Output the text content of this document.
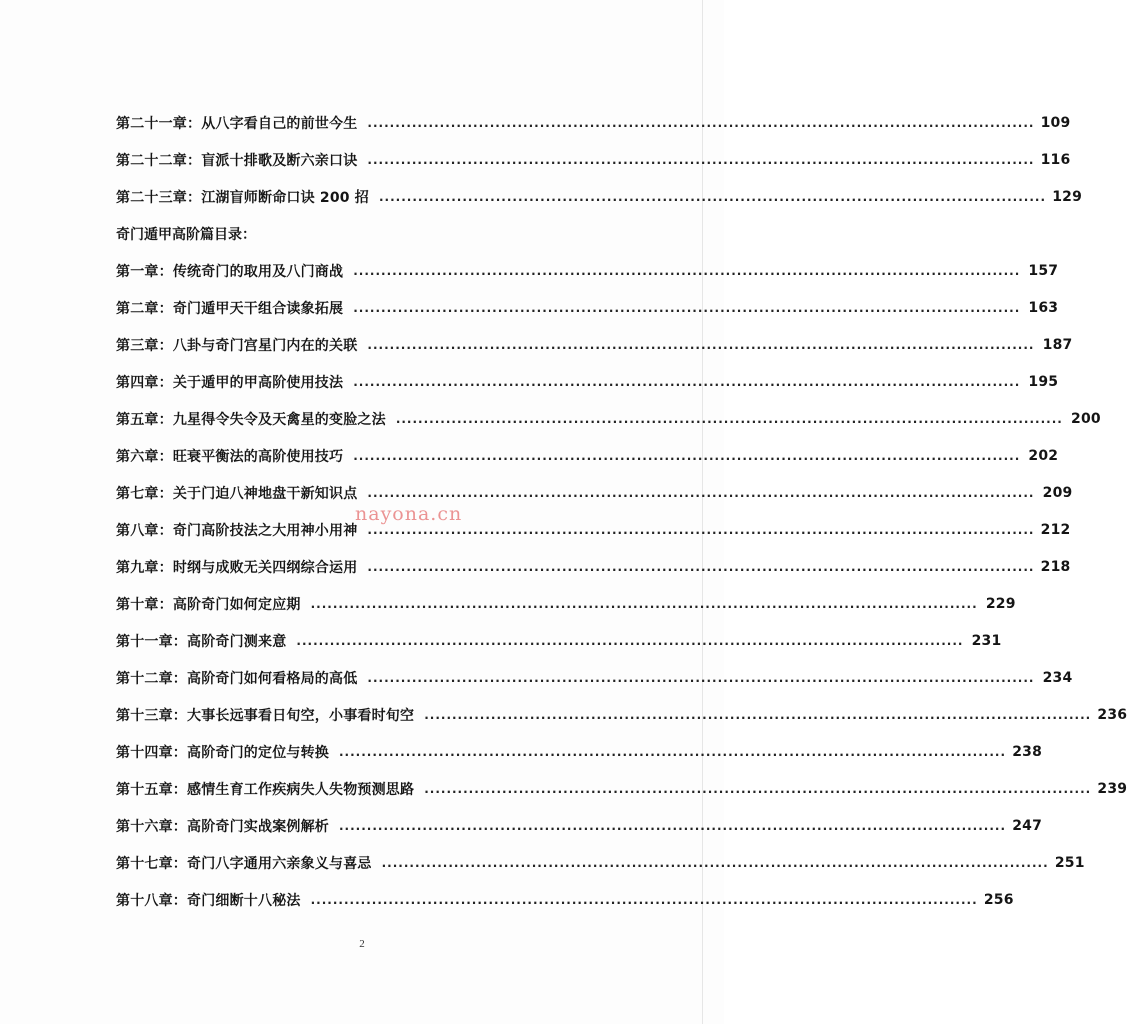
第二十一章： 从八字看自己的前世今生 ........................................................................................................................ 109
第二十二章： 盲派十排歌及断六亲口诀 ........................................................................................................................ 116
第二十三章： 江湖盲师断命口诀 200 招 ........................................................................................................................ 129
奇门遁甲高阶篇目录：
第一章： 传统奇门的取用及八门商战 ........................................................................................................................ 157
第二章： 奇门遁甲天干组合读象拓展 ........................................................................................................................ 163
第三章： 八卦与奇门宫星门内在的关联 ........................................................................................................................ 187
第四章： 关于遁甲的甲高阶使用技法 ........................................................................................................................ 195
第五章： 九星得令失令及天禽星的变脸之法 ........................................................................................................................ 200
第六章： 旺衰平衡法的高阶使用技巧 ........................................................................................................................ 202
第七章： 关于门迫八神地盘干新知识点 ........................................................................................................................ 209
第八章： 奇门高阶技法之大用神小用神 ........................................................................................................................ 212
第九章： 时纲与成败无关四纲综合运用 ........................................................................................................................ 218
第十章： 高阶奇门如何定应期 ........................................................................................................................ 229
第十一章： 高阶奇门测来意 ........................................................................................................................ 231
第十二章： 高阶奇门如何看格局的高低 ........................................................................................................................ 234
第十三章： 大事长远事看日旬空，小事看时旬空 ........................................................................................................................ 236
第十四章： 高阶奇门的定位与转换 ........................................................................................................................ 238
第十五章： 感情生育工作疾病失人失物预测思路 ........................................................................................................................ 239
第十六章： 高阶奇门实战案例解析 ........................................................................................................................ 247
第十七章： 奇门八字通用六亲象义与喜忌 ........................................................................................................................ 251
第十八章： 奇门细断十八秘法 ........................................................................................................................ 256
nayona.cn
2
